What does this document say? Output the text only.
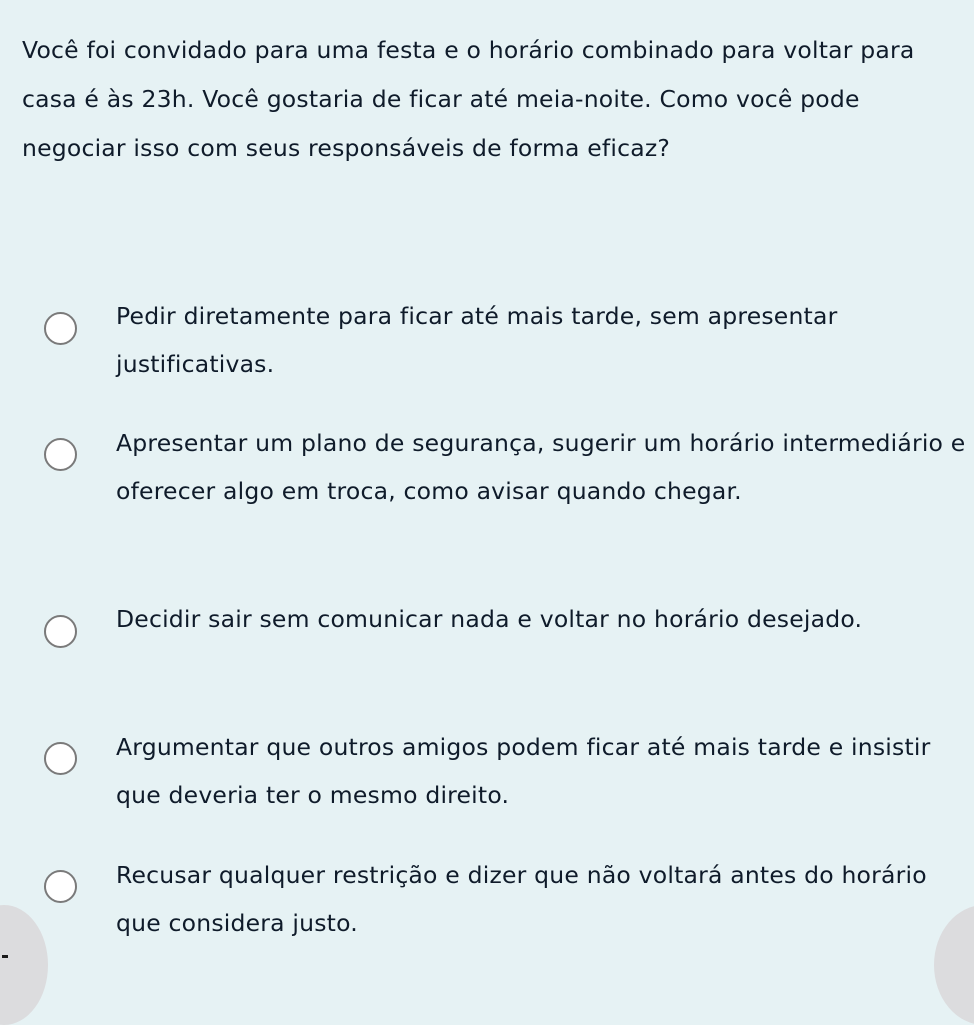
Você foi convidado para uma festa e o horário combinado para voltar para casa é às 23h. Você gostaria de ficar até meia-noite. Como você pode negociar isso com seus responsáveis de forma eficaz?

Pedir diretamente para ficar até mais tarde, sem apresentar justificativas.
Apresentar um plano de segurança, sugerir um horário intermediário e oferecer algo em troca, como avisar quando chegar.
Decidir sair sem comunicar nada e voltar no horário desejado.
Argumentar que outros amigos podem ficar até mais tarde e insistir que deveria ter o mesmo direito.
Recusar qualquer restrição e dizer que não voltará antes do horário que considera justo.
